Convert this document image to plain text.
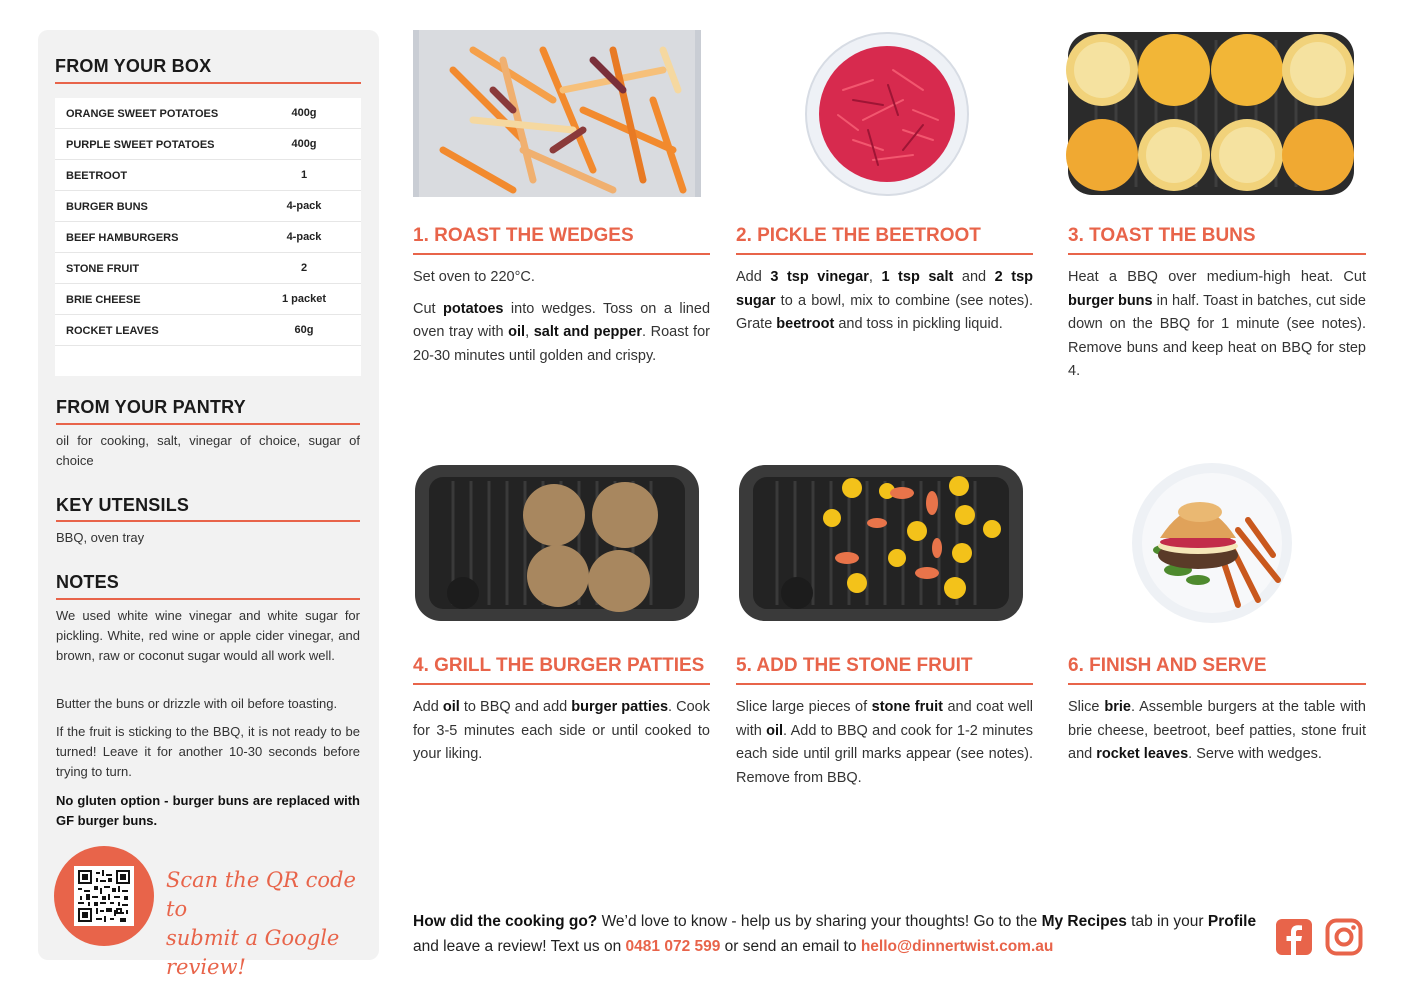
FROM YOUR BOX
ORANGE SWEET POTATOES	400g
PURPLE SWEET POTATOES	400g
BEETROOT	1
BURGER BUNS	4-pack
BEEF HAMBURGERS	4-pack
STONE FRUIT	2
BRIE CHEESE	1 packet
ROCKET LEAVES	60g
FROM YOUR PANTRY
oil for cooking, salt, vinegar of choice, sugar of choice
KEY UTENSILS
BBQ, oven tray
NOTES
We used white wine vinegar and white sugar for pickling. White, red wine or apple cider vinegar, and brown, raw or coconut sugar would all work well.
Butter the buns or drizzle with oil before toasting.
If the fruit is sticking to the BBQ, it is not ready to be turned! Leave it for another 10-30 seconds before trying to turn.
No gluten option - burger buns are replaced with GF burger buns.
Scan the QR code to
submit a Google review!
1. ROAST THE WEDGES

Set oven to 220°C.

Cut potatoes into wedges. Toss on a lined oven tray with oil, salt and pepper. Roast for 20-30 minutes until golden and crispy.

2. PICKLE THE BEETROOT

Add 3 tsp vinegar, 1 tsp salt and 2 tsp sugar to a bowl, mix to combine (see notes). Grate beetroot and toss in pickling liquid.

3. TOAST THE BUNS

Heat a BBQ over medium-high heat. Cut burger buns in half. Toast in batches, cut side down on the BBQ for 1 minute (see notes). Remove buns and keep heat on BBQ for step 4.

4. GRILL THE BURGER PATTIES

Add oil to BBQ and add burger patties. Cook for 3-5 minutes each side or until cooked to your liking.

5. ADD THE STONE FRUIT

Slice large pieces of stone fruit and coat well with oil. Add to BBQ and cook for 1-2 minutes each side until grill marks appear (see notes). Remove from BBQ.

6. FINISH AND SERVE

Slice brie. Assemble burgers at the table with brie cheese, beetroot, beef patties, stone fruit and rocket leaves. Serve with wedges.

How did the cooking go? We’d love to know - help us by sharing your thoughts! Go to the My Recipes tab in your Profile and leave a review! Text us on 0481 072 599 or send an email to hello@dinnertwist.com.au
